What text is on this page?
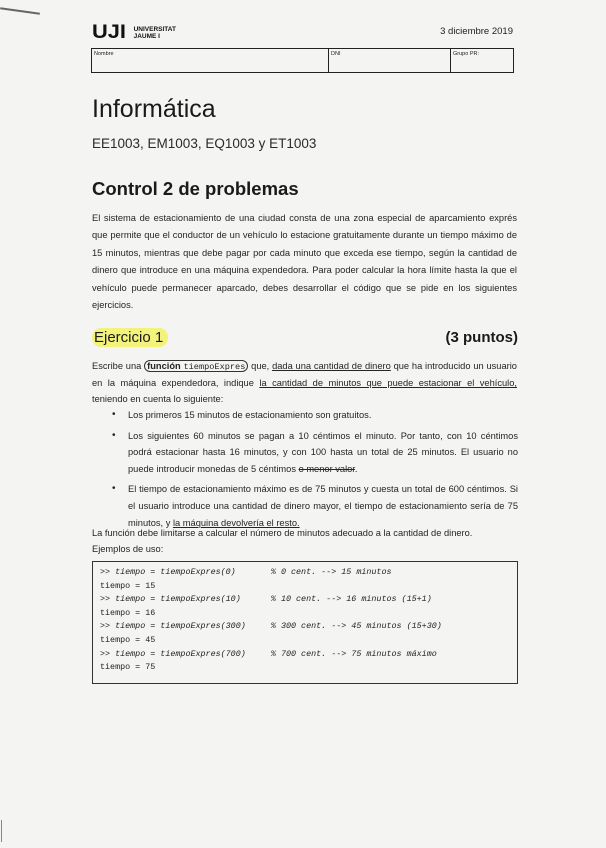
UJI UNIVERSITAT
JAUME I	3 diciembre 2019
Nombre	DNI	Grupo PR:
Informática
EE1003, EM1003, EQ1003 y ET1003
Control 2 de problemas

El sistema de estacionamiento de una ciudad consta de una zona especial de aparcamiento exprés que permite que el conductor de un vehículo lo estacione gratuitamente durante un tiempo máximo de 15 minutos, mientras que debe pagar por cada minuto que exceda ese tiempo, según la cantidad de dinero que introduce en una máquina expendedora. Para poder calcular la hora límite hasta la que el vehículo puede permanecer aparcado, debes desarrollar el código que se pide en los siguientes ejercicios.

Ejercicio 1	(3 puntos)

Escribe una función tiempoExpres que, dada una cantidad de dinero que ha introducido un usuario en la máquina expendedora, indique la cantidad de minutos que puede estacionar el vehículo, teniendo en cuenta lo siguiente:

• Los primeros 15 minutos de estacionamiento son gratuitos.
• Los siguientes 60 minutos se pagan a 10 céntimos el minuto. Por tanto, con 10 céntimos podrá estacionar hasta 16 minutos, y con 100 hasta un total de 25 minutos. El usuario no puede introducir monedas de 5 céntimos o menor valor.
• El tiempo de estacionamiento máximo es de 75 minutos y cuesta un total de 600 céntimos. Si el usuario introduce una cantidad de dinero mayor, el tiempo de estacionamiento sería de 75 minutos, y la máquina devolvería el resto.
La función debe limitarse a calcular el número de minutos adecuado a la cantidad de dinero.
Ejemplos de uso:
>> tiempo = tiempoExpres(0)	% 0 cent. --> 15 minutos
tiempo = 15
>> tiempo = tiempoExpres(10)	% 10 cent. --> 16 minutos (15+1)
tiempo = 16
>> tiempo = tiempoExpres(300)	% 300 cent. --> 45 minutos (15+30)
tiempo = 45
>> tiempo = tiempoExpres(700)	% 700 cent. --> 75 minutos máximo
tiempo = 75
